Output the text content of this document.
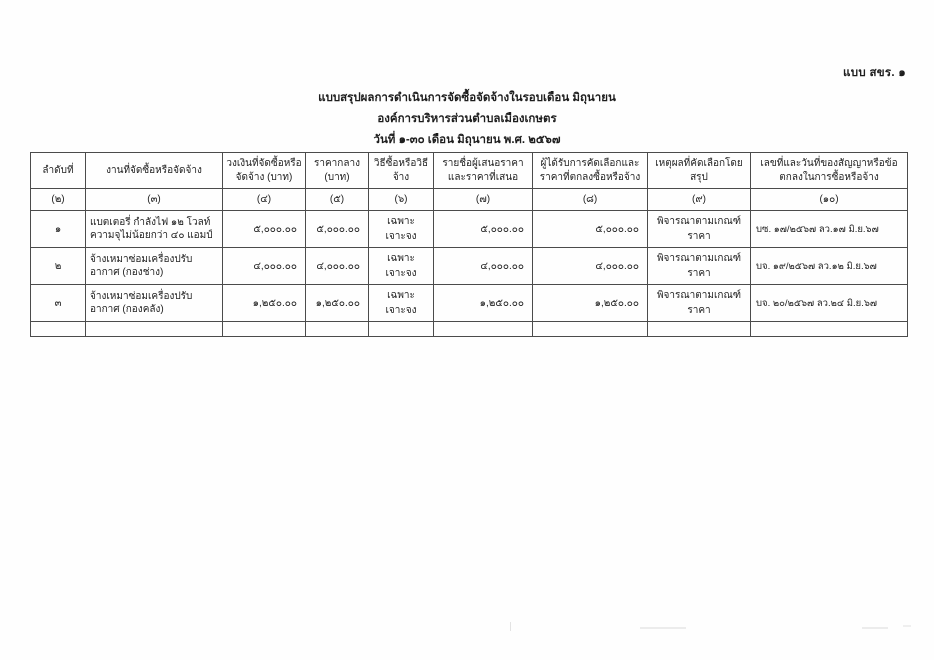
แบบ สขร. ๑
แบบสรุปผลการดำเนินการจัดซื้อจัดจ้างในรอบเดือน มิถุนายน
องค์การบริหารส่วนตำบลเมืองเกษตร
วันที่ ๑-๓๐ เดือน มิถุนายน พ.ศ. ๒๕๖๗
ลำดับที่	งานที่จัดซื้อหรือจัดจ้าง	วงเงินที่จัดซื้อหรือจัดจ้าง (บาท)	ราคากลาง (บาท)	วิธีซื้อหรือวิธีจ้าง	รายชื่อผู้เสนอราคาและราคาที่เสนอ	ผู้ได้รับการคัดเลือกและราคาที่ตกลงซื้อหรือจ้าง	เหตุผลที่คัดเลือกโดยสรุป	เลขที่และวันที่ของสัญญาหรือข้อตกลงในการซื้อหรือจ้าง
(๒)	(๓)	(๔)	(๕)	(๖)	(๗)	(๘)	(๙)	(๑๐)
๑	แบตเตอรี่ กำลังไฟ ๑๒ โวลท์ความจุไม่น้อยกว่า ๔๐ แอมป์	๕,๐๐๐.๐๐	๕,๐๐๐.๐๐	เฉพาะเจาะจง	๕,๐๐๐.๐๐	๕,๐๐๐.๐๐	พิจารณาตามเกณฑ์ราคา	บซ. ๑๗/๒๕๖๗ ลว.๑๗ มิ.ย.๖๗
๒	จ้างเหมาซ่อมเครื่องปรับอากาศ (กองช่าง)	๔,๐๐๐.๐๐	๔,๐๐๐.๐๐	เฉพาะเจาะจง	๔,๐๐๐.๐๐	๔,๐๐๐.๐๐	พิจารณาตามเกณฑ์ราคา	บจ. ๑๙/๒๕๖๗ ลว.๑๒ มิ.ย.๖๗
๓	จ้างเหมาซ่อมเครื่องปรับอากาศ (กองคลัง)	๑,๒๕๐.๐๐	๑,๒๕๐.๐๐	เฉพาะเจาะจง	๑,๒๕๐.๐๐	๑,๒๕๐.๐๐	พิจารณาตามเกณฑ์ราคา	บจ. ๒๐/๒๕๖๗ ลว.๒๔ มิ.ย.๖๗
